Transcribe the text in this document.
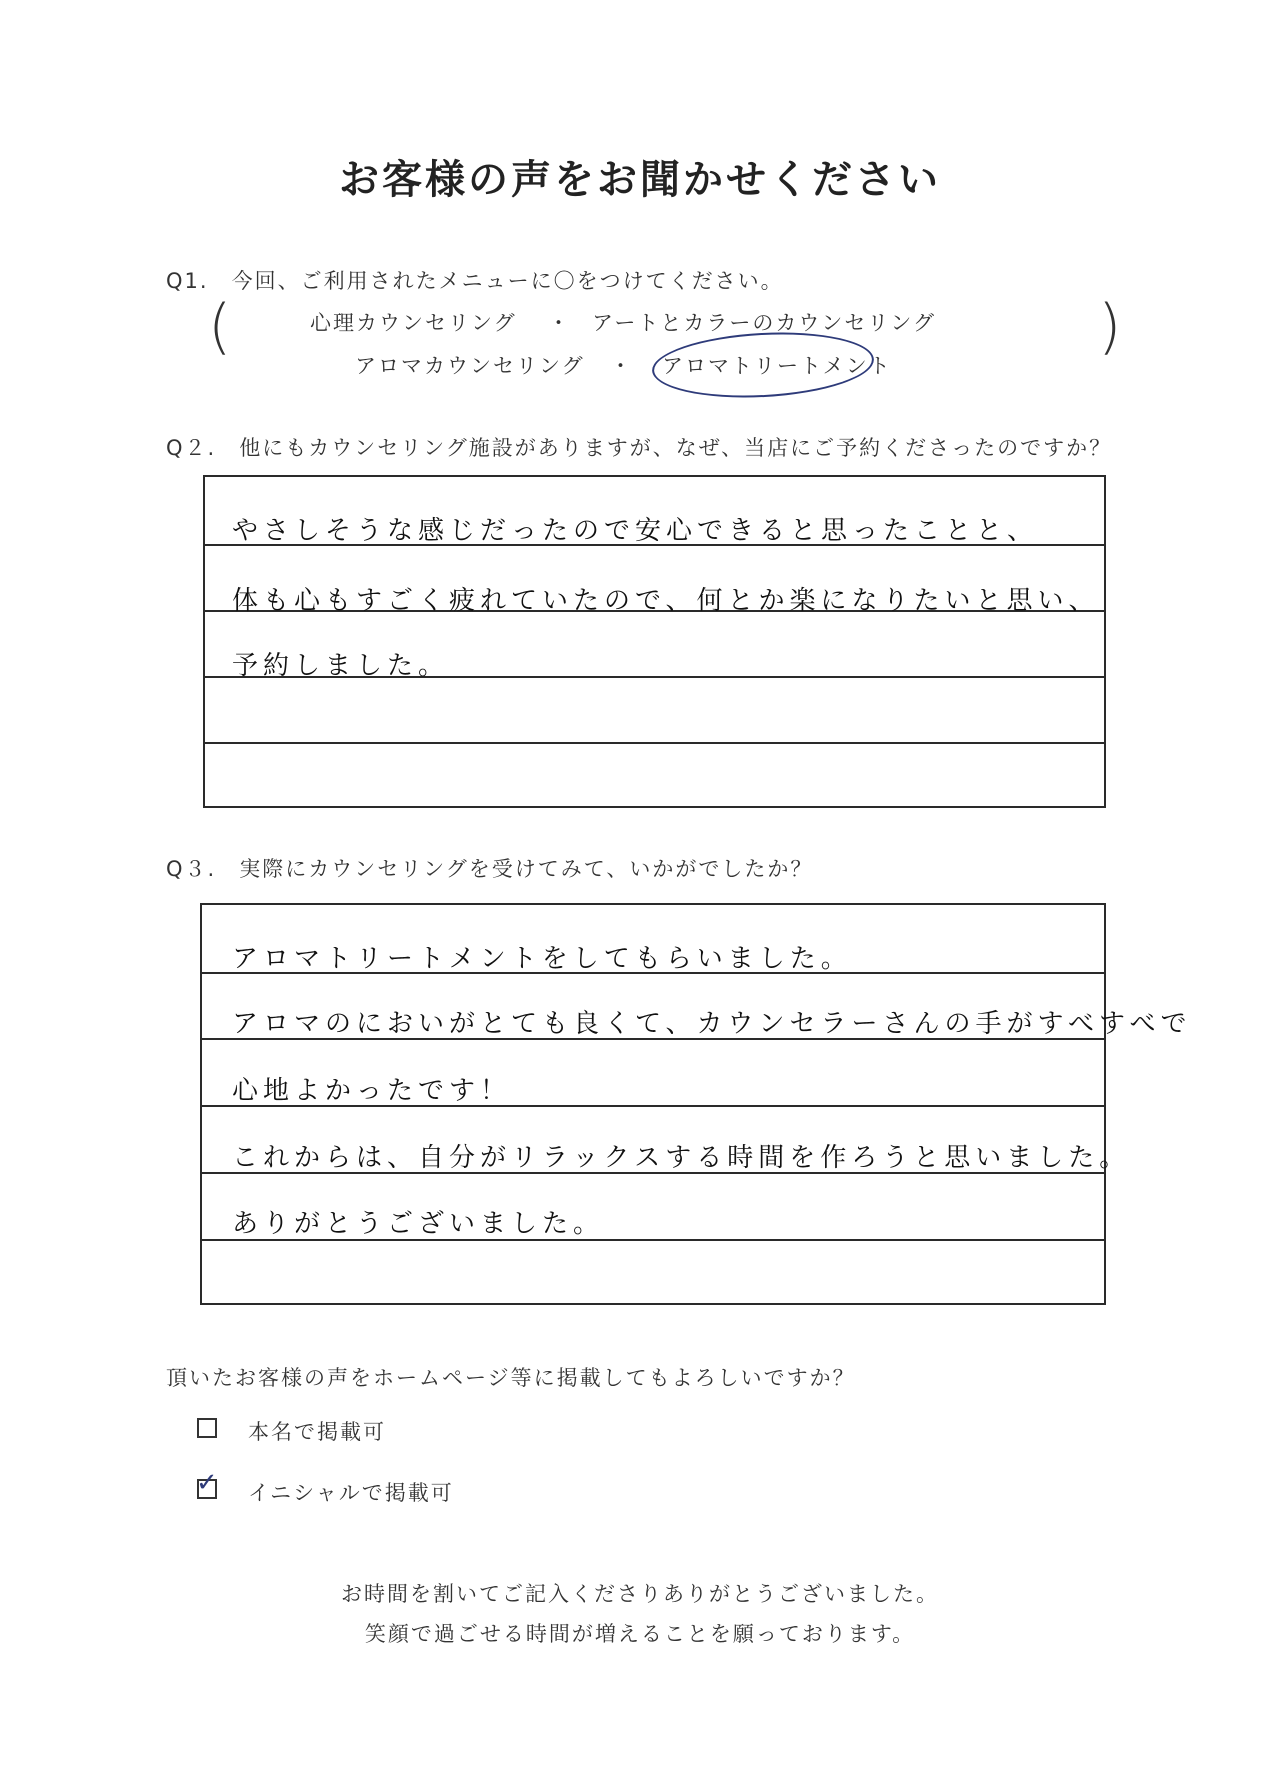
お客様の声をお聞かせください
Q1.　今回、ご利用されたメニューに〇をつけてください。
(	)
心理カウンセリング ・ アートとカラーのカウンセリング
アロマカウンセリング ・ アロマトリートメント
Q２.　他にもカウンセリング施設がありますが、なぜ、当店にご予約くださったのですか？
やさしそうな感じだったので安心できると思ったことと、
体も心もすごく疲れていたので、何とか楽になりたいと思い、
予約しました。
Q３.　実際にカウンセリングを受けてみて、いかがでしたか？
アロマトリートメントをしてもらいました。
アロマのにおいがとても良くて、カウンセラーさんの手がすべすべで
心地よかったです！
これからは、自分がリラックスする時間を作ろうと思いました。
ありがとうございました。
頂いたお客様の声をホームページ等に掲載してもよろしいですか？
本名で掲載可
✓ イニシャルで掲載可
お時間を割いてご記入くださりありがとうございました。
笑顔で過ごせる時間が増えることを願っております。
